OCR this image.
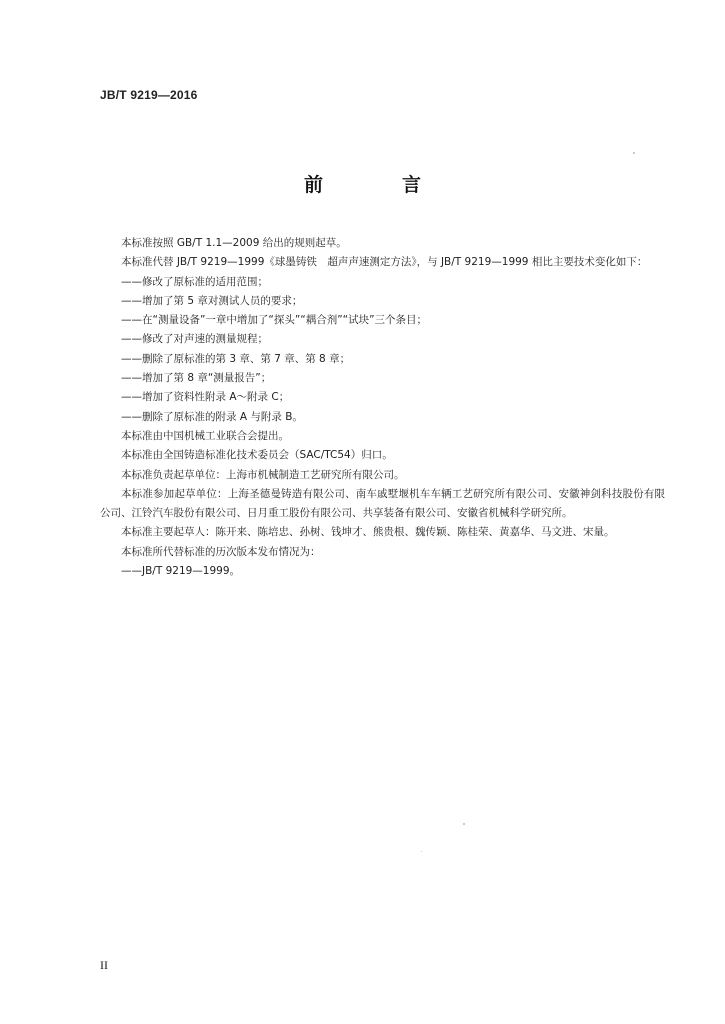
JB/T 9219—2016
前　言

本标准按照 GB/T 1.1—2009 给出的规则起草。

本标准代替 JB/T 9219—1999《球墨铸铁　超声声速测定方法》，与 JB/T 9219—1999 相比主要技术变化如下：

——修改了原标准的适用范围；

——增加了第 5 章对测试人员的要求；

——在“测量设备”一章中增加了“探头”“耦合剂”“试块”三个条目；

——修改了对声速的测量规程；

——删除了原标准的第 3 章、第 7 章、第 8 章；

——增加了第 8 章“测量报告”；

——增加了资料性附录 A～附录 C；

——删除了原标准的附录 A 与附录 B。

本标准由中国机械工业联合会提出。

本标准由全国铸造标准化技术委员会（SAC/TC54）归口。

本标准负责起草单位：上海市机械制造工艺研究所有限公司。

本标准参加起草单位：上海圣德曼铸造有限公司、南车戚墅堰机车车辆工艺研究所有限公司、安徽神剑科技股份有限公司、江铃汽车股份有限公司、日月重工股份有限公司、共享装备有限公司、安徽省机械科学研究所。

本标准主要起草人：陈开来、陈培忠、孙树、钱坤才、熊贵根、魏传颖、陈桂荣、黄嘉华、马文进、宋量。

本标准所代替标准的历次版本发布情况为：

——JB/T 9219—1999。

II
